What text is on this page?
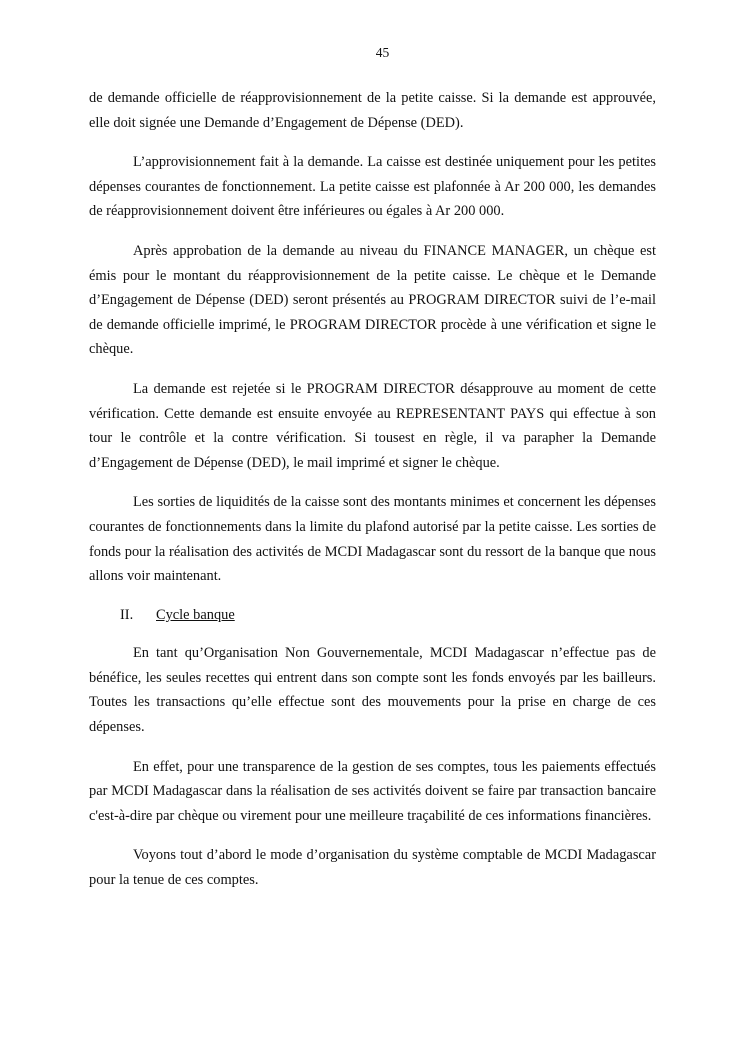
45

de demande officielle de réapprovisionnement de la petite caisse. Si la demande est approuvée, elle doit signée une Demande d’Engagement de Dépense (DED).

L’approvisionnement fait à la demande. La caisse est destinée uniquement pour les petites dépenses courantes de fonctionnement. La petite caisse est plafonnée à Ar 200 000, les demandes de réapprovisionnement doivent être inférieures ou égales à Ar 200 000.

Après approbation de la demande au niveau du FINANCE MANAGER, un chèque est émis pour le montant du réapprovisionnement de la petite caisse. Le chèque et le Demande d’Engagement de Dépense (DED) seront présentés au PROGRAM DIRECTOR suivi de l’e-mail de demande officielle imprimé, le PROGRAM DIRECTOR procède à une vérification et signe le chèque.

La demande est rejetée si le PROGRAM DIRECTOR désapprouve au moment de cette vérification. Cette demande est ensuite envoyée au REPRESENTANT PAYS qui effectue à son tour le contrôle et la contre vérification. Si tousest en règle, il va parapher la Demande d’Engagement de Dépense (DED), le mail imprimé et signer le chèque.

Les sorties de liquidités de la caisse sont des montants minimes et concernent les dépenses courantes de fonctionnements dans la limite du plafond autorisé par la petite caisse. Les sorties de fonds pour la réalisation des activités de MCDI Madagascar sont du ressort de la banque que nous allons voir maintenant.

II. Cycle banque

En tant qu’Organisation Non Gouvernementale, MCDI Madagascar n’effectue pas de bénéfice, les seules recettes qui entrent dans son compte sont les fonds envoyés par les bailleurs. Toutes les transactions qu’elle effectue sont des mouvements pour la prise en charge de ces dépenses.

En effet, pour une transparence de la gestion de ses comptes, tous les paiements effectués par MCDI Madagascar dans la réalisation de ses activités doivent se faire par transaction bancaire c'est-à-dire par chèque ou virement pour une meilleure traçabilité de ces informations financières.

Voyons tout d’abord le mode d’organisation du système comptable de MCDI Madagascar pour la tenue de ces comptes.
